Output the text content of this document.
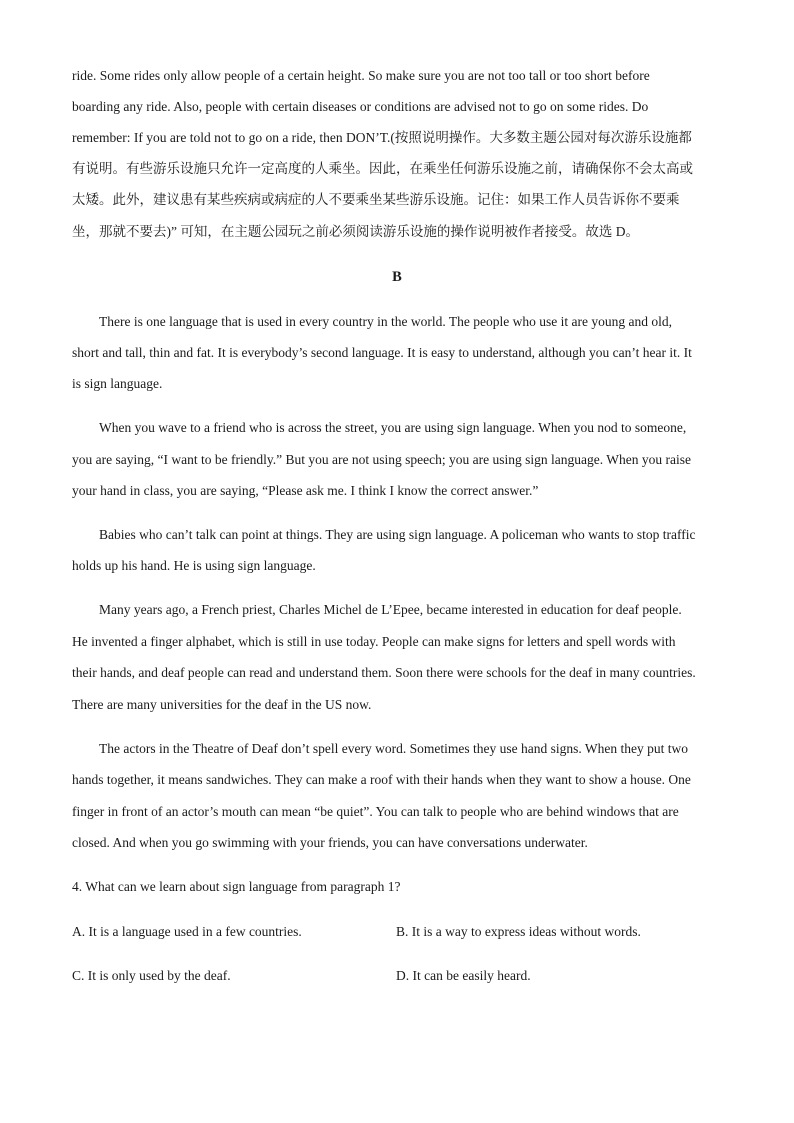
ride. Some rides only allow people of a certain height. So make sure you are not too tall or too short before
boarding any ride. Also, people with certain diseases or conditions are advised not to go on some rides. Do
remember: If you are told not to go on a ride, then DON’T.(按照说明操作。大多数主题公园对每次游乐设施都
有说明。有些游乐设施只允许一定高度的人乘坐。因此，在乘坐任何游乐设施之前，请确保你不会太高或
太矮。此外，建议患有某些疾病或病症的人不要乘坐某些游乐设施。记住：如果工作人员告诉你不要乘
坐，那就不要去)” 可知，在主题公园玩之前必须阅读游乐设施的操作说明被作者接受。故选 D。
B
There is one language that is used in every country in the world. The people who use it are young and old,
short and tall, thin and fat. It is everybody’s second language. It is easy to understand, although you can’t hear it. It
is sign language.
When you wave to a friend who is across the street, you are using sign language. When you nod to someone,
you are saying, “I want to be friendly.” But you are not using speech; you are using sign language. When you raise
your hand in class, you are saying, “Please ask me. I think I know the correct answer.”
Babies who can’t talk can point at things. They are using sign language. A policeman who wants to stop traffic
holds up his hand. He is using sign language.
Many years ago, a French priest, Charles Michel de L’Epee, became interested in education for deaf people.
He invented a finger alphabet, which is still in use today. People can make signs for letters and spell words with
their hands, and deaf people can read and understand them. Soon there were schools for the deaf in many countries.
There are many universities for the deaf in the US now.
The actors in the Theatre of Deaf don’t spell every word. Sometimes they use hand signs. When they put two
hands together, it means sandwiches. They can make a roof with their hands when they want to show a house. One
finger in front of an actor’s mouth can mean “be quiet”. You can talk to people who are behind windows that are
closed. And when you go swimming with your friends, you can have conversations underwater.
4. What can we learn about sign language from paragraph 1?
A. It is a language used in a few countries.	B. It is a way to express ideas without words.
C. It is only used by the deaf.	D. It can be easily heard.
